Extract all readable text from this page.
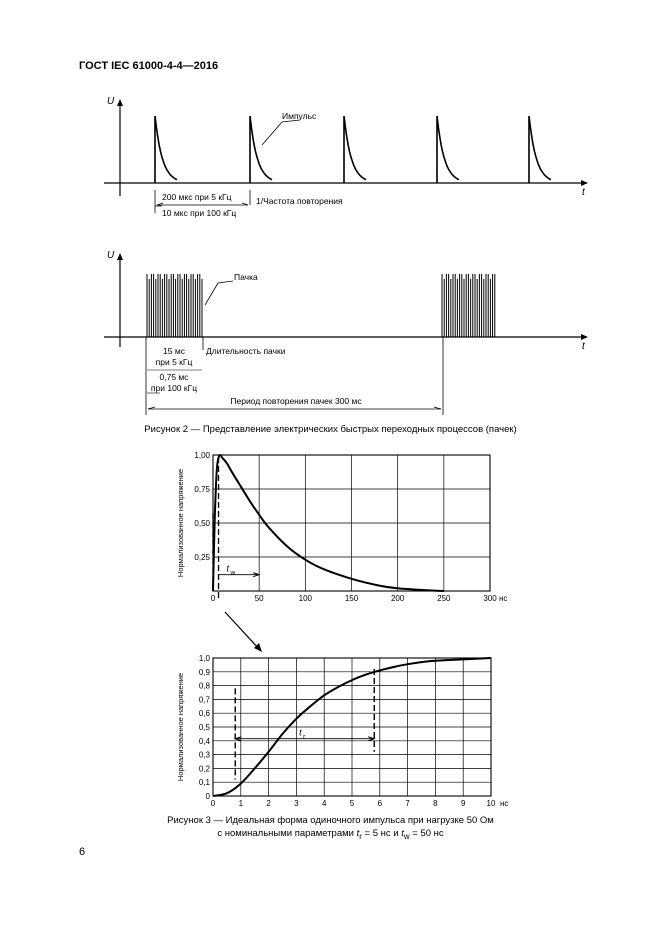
ГОСТ IEC 61000-4-4—2016
U
t
Импульс
200 мкс при 5 кГц
10 мкс при 100 кГц
1/Частота повторения
U
t
Пачка
Длительность пачки
15 мс
при 5 кГц
0,75 мс
при 100 кГц
Период повторения пачек 300 мс
0	50	100	150	200	250	300 нс
0,25
0,50
0,75
1,00
Нормализованное напряжение	t w
0	1	2	3	4	5	6	7	8	9	10 нс
0
0,1
0,2
0,3
0,4
0,5
0,6
0,7
0,8
0,9
1,0
Нормализованное напряжение	t r
Рисунок 2 — Представление электрических быстрых переходных процессов (пачек)
Рисунок 3 — Идеальная форма одиночного импульса при нагрузке 50 Ом
с номинальными параметрами $t_r = 5$ нс и $t_w = 50$ нс
6
